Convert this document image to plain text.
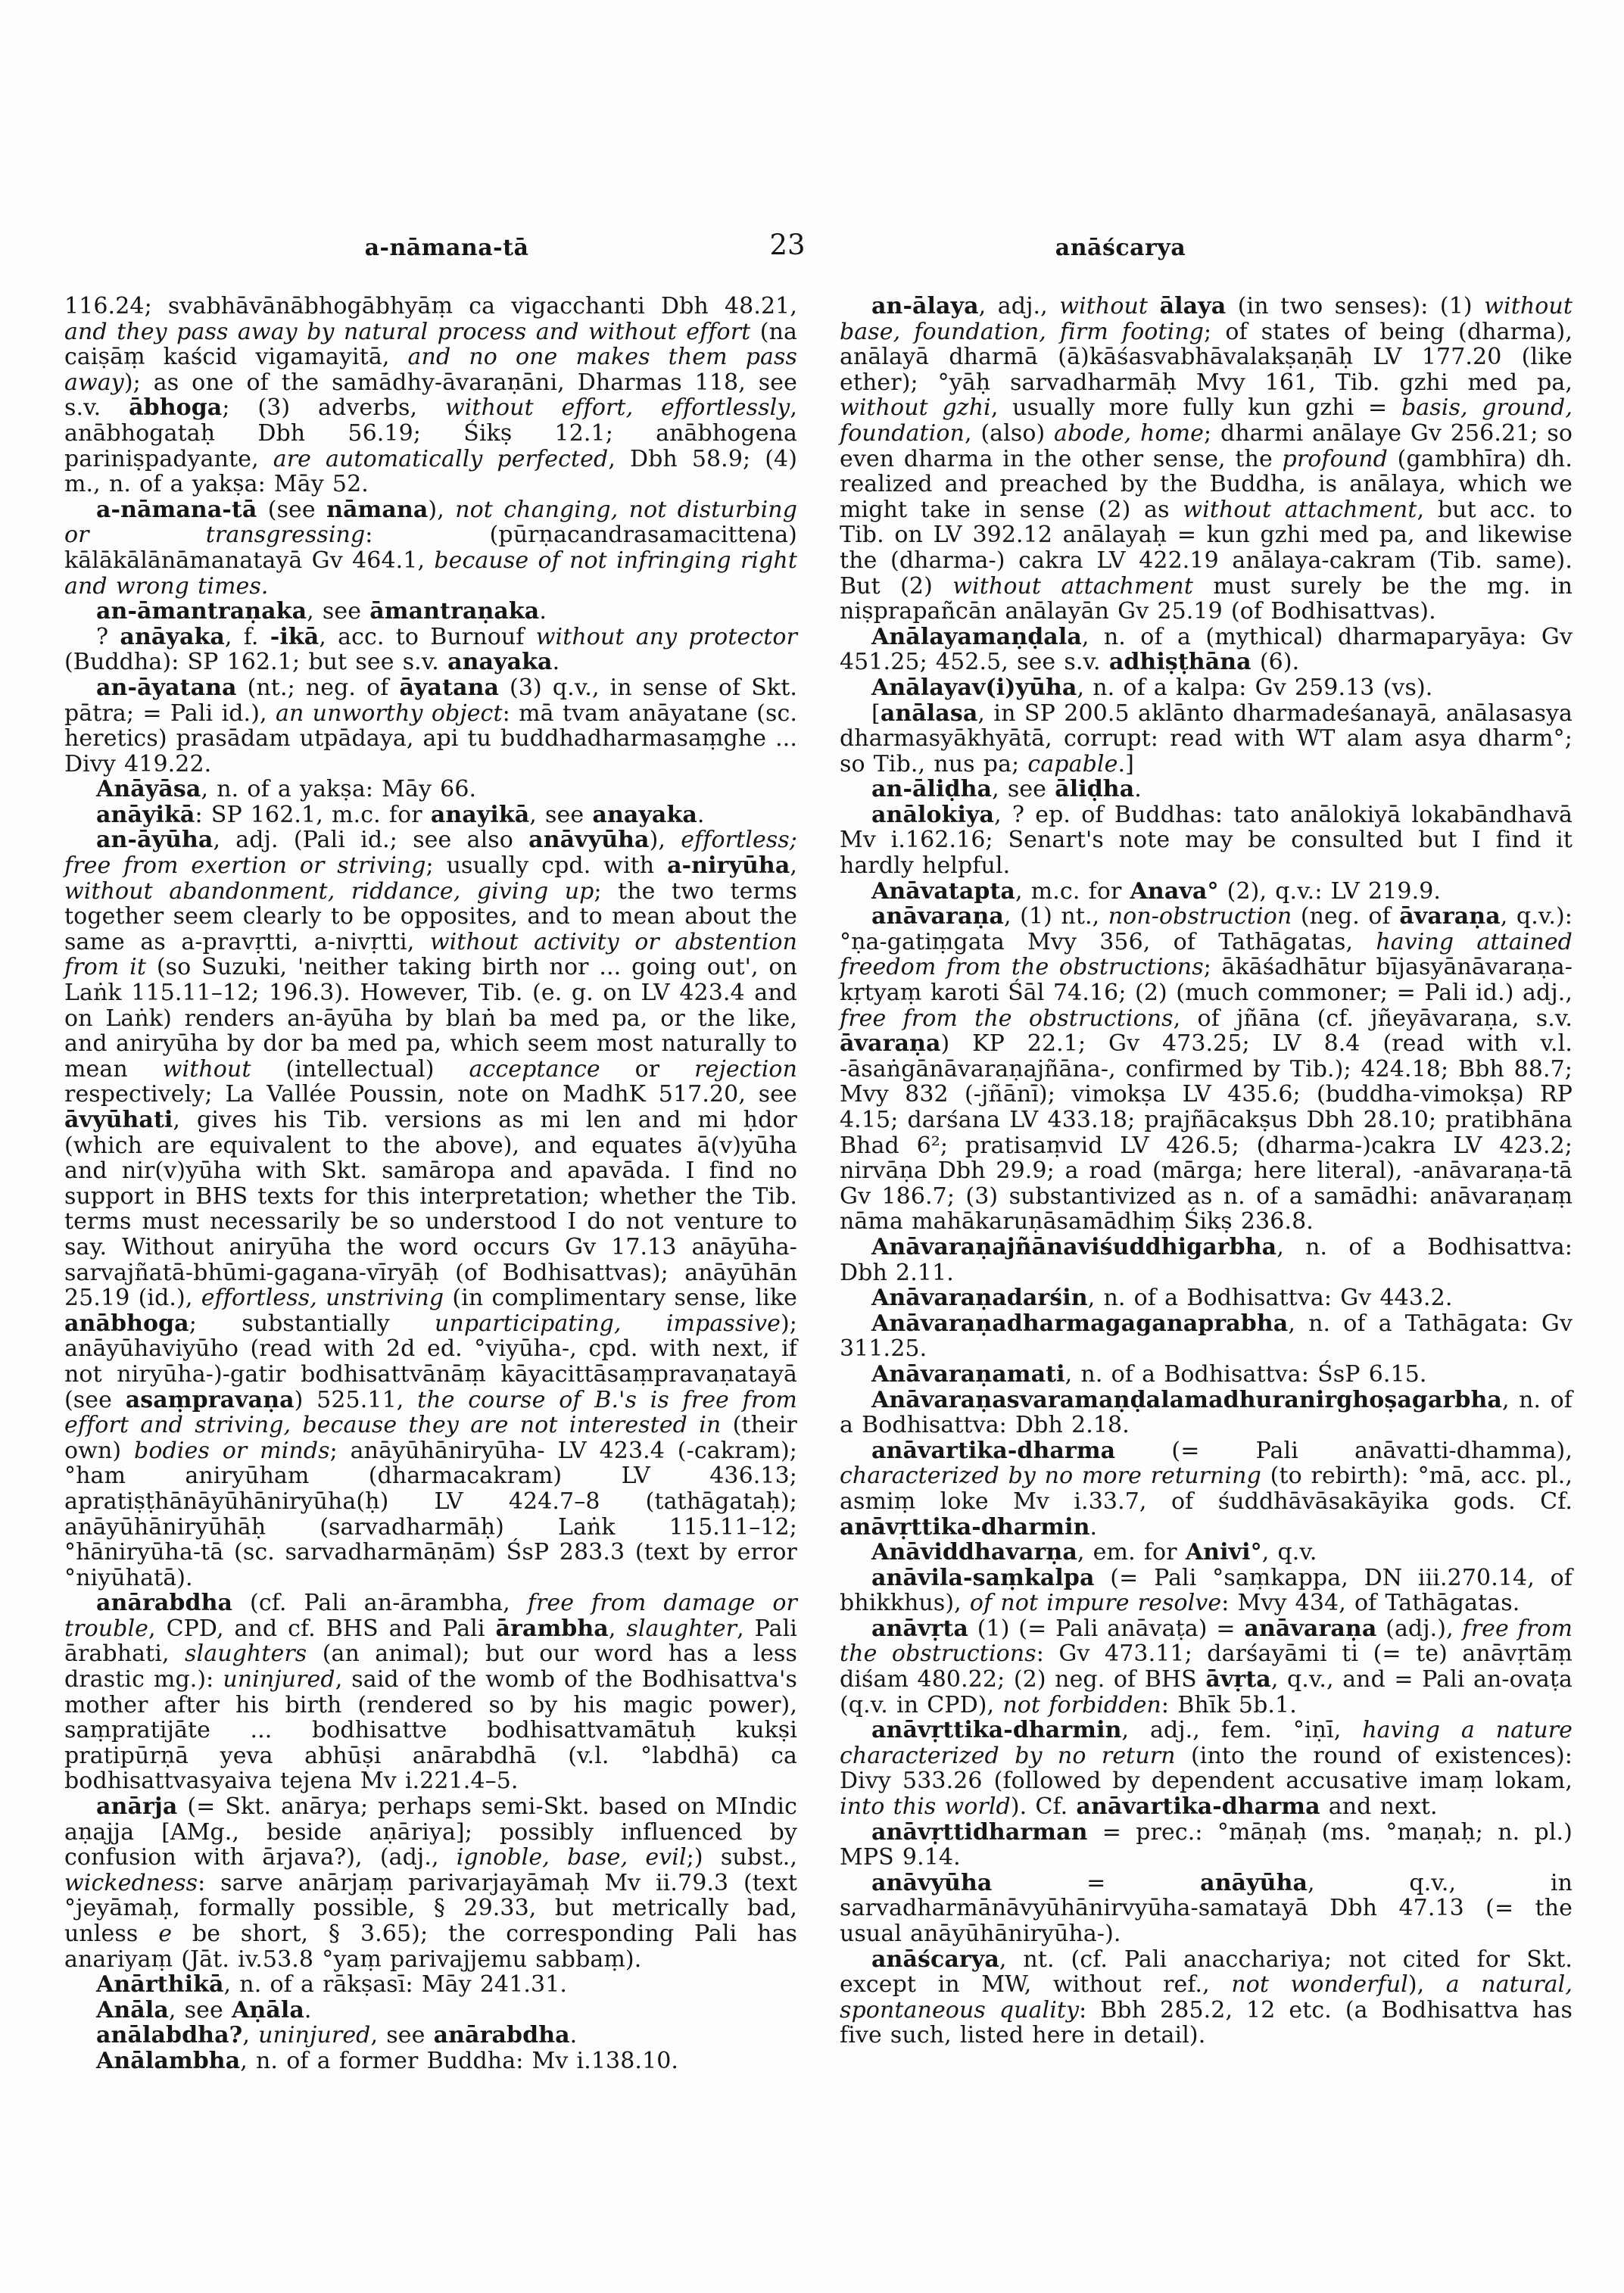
a-nāmana-tā	23	anāścarya

116.24; svabhāvānābhogābhyāṃ ca vigacchanti Dbh 48.21, and they pass away by natural process and without effort (na caiṣāṃ kaścid vigamayitā, and no one makes them pass away); as one of the samādhy-āvaraṇāni, Dharmas 118, see s.v. ābhoga; (3) adverbs, without effort, effortlessly, anābhogataḥ Dbh 56.19; Śikṣ 12.1; anābhogena pariniṣpadyante, are automatically perfected, Dbh 58.9; (4) m., n. of a yakṣa: Māy 52.

a-nāmana-tā (see nāmana), not changing, not disturbing or transgressing: (pūrṇacandrasamacittena) kālākālānāmanatayā Gv 464.1, because of not infringing right and wrong times.

an-āmantraṇaka, see āmantraṇaka.

? anāyaka, f. -ikā, acc. to Burnouf without any protector (Buddha): SP 162.1; but see s.v. anayaka.

an-āyatana (nt.; neg. of āyatana (3) q.v., in sense of Skt. pātra; = Pali id.), an unworthy object: mā tvam anāyatane (sc. heretics) prasādam utpādaya, api tu buddhadharmasaṃghe ... Divy 419.22.

Anāyāsa, n. of a yakṣa: Māy 66.

anāyikā: SP 162.1, m.c. for anayikā, see anayaka.

an-āyūha, adj. (Pali id.; see also anāvyūha), effortless; free from exertion or striving; usually cpd. with a-niryūha, without abandonment, riddance, giving up; the two terms together seem clearly to be opposites, and to mean about the same as a-pravṛtti, a-nivṛtti, without activity or abstention from it (so Suzuki, 'neither taking birth nor ... going out', on Laṅk 115.11–12; 196.3). However, Tib. (e. g. on LV 423.4 and on Laṅk) renders an-āyūha by blaṅ ba med pa, or the like, and aniryūha by dor ba med pa, which seem most naturally to mean without (intellectual) acceptance or rejection respectively; La Vallée Poussin, note on MadhK 517.20, see āvyūhati, gives his Tib. versions as mi len and mi ḥdor (which are equivalent to the above), and equates ā(v)yūha and nir(v)yūha with Skt. samāropa and apavāda. I find no support in BHS texts for this interpretation; whether the Tib. terms must necessarily be so understood I do not venture to say. Without aniryūha the word occurs Gv 17.13 anāyūha-sarvajñatā-bhūmi-gagana-vīryāḥ (of Bodhisattvas); anāyūhān 25.19 (id.), effortless, unstriving (in complimentary sense, like anābhoga; substantially unparticipating, impassive); anāyūhaviyūho (read with 2d ed. °viyūha-, cpd. with next, if not niryūha-)-gatir bodhisattvānāṃ kāyacittāsaṃpravaṇatayā (see asaṃpravaṇa) 525.11, the course of B.'s is free from effort and striving, because they are not interested in (their own) bodies or minds; anāyūhāniryūha- LV 423.4 (-cakram); °ham aniryūham (dharmacakram) LV 436.13; apratiṣṭhānāyūhāniryūha(ḥ) LV 424.7–8 (tathāgataḥ); anāyūhāniryūhāḥ (sarvadharmāḥ) Laṅk 115.11–12; °hāniryūha-tā (sc. sarvadharmāṇām) ŚsP 283.3 (text by error °niyūhatā).

anārabdha (cf. Pali an-ārambha, free from damage or trouble, CPD, and cf. BHS and Pali ārambha, slaughter, Pali ārabhati, slaughters (an animal); but our word has a less drastic mg.): uninjured, said of the womb of the Bodhisattva's mother after his birth (rendered so by his magic power), saṃpratijāte ... bodhisattve bodhisattvamātuḥ kukṣi pratipūrṇā yeva abhūṣi anārabdhā (v.l. °labdhā) ca bodhisattvasyaiva tejena Mv i.221.4–5.

anārja (= Skt. anārya; perhaps semi-Skt. based on MIndic aṇajja [AMg., beside aṇāriya]; possibly influenced by confusion with ārjava?), (adj., ignoble, base, evil;) subst., wickedness: sarve anārjaṃ parivarjayāmaḥ Mv ii.79.3 (text °jeyāmaḥ, formally possible, § 29.33, but metrically bad, unless e be short, § 3.65); the corresponding Pali has anariyaṃ (Jāt. iv.53.8 °yaṃ parivajjemu sabbaṃ).

Anārthikā, n. of a rākṣasī: Māy 241.31.

Anāla, see Aṇāla.

anālabdha?, uninjured, see anārabdha.

Anālambha, n. of a former Buddha: Mv i.138.10.

an-ālaya, adj., without ālaya (in two senses): (1) without base, foundation, firm footing; of states of being (dharma), anālayā dharmā (ā)kāśasvabhāvalakṣaṇāḥ LV 177.20 (like ether); °yāḥ sarvadharmāḥ Mvy 161, Tib. gzhi med pa, without gzhi, usually more fully kun gzhi = basis, ground, foundation, (also) abode, home; dharmi anālaye Gv 256.21; so even dharma in the other sense, the profound (gambhīra) dh. realized and preached by the Buddha, is anālaya, which we might take in sense (2) as without attachment, but acc. to Tib. on LV 392.12 anālayaḥ = kun gzhi med pa, and likewise the (dharma-) cakra LV 422.19 anālaya-cakram (Tib. same). But (2) without attachment must surely be the mg. in niṣprapañcān anālayān Gv 25.19 (of Bodhisattvas).

Anālayamaṇḍala, n. of a (mythical) dharmaparyāya: Gv 451.25; 452.5, see s.v. adhiṣṭhāna (6).

Anālayav(i)yūha, n. of a kalpa: Gv 259.13 (vs).

[anālasa, in SP 200.5 aklānto dharmadeśanayā, anālasasya dharmasyākhyātā, corrupt: read with WT alam asya dharm°; so Tib., nus pa; capable.]

an-āliḍha, see āliḍha.

anālokiya, ? ep. of Buddhas: tato anālokiyā lokabāndhavā Mv i.162.16; Senart's note may be consulted but I find it hardly helpful.

Anāvatapta, m.c. for Anava° (2), q.v.: LV 219.9.

anāvaraṇa, (1) nt., non-obstruction (neg. of āvaraṇa, q.v.): °ṇa-gatiṃgata Mvy 356, of Tathāgatas, having attained freedom from the obstructions; ākāśadhātur bījasyānāvaraṇa-kṛtyaṃ karoti Śāl 74.16; (2) (much commoner; = Pali id.) adj., free from the obstructions, of jñāna (cf. jñeyāvaraṇa, s.v. āvaraṇa) KP 22.1; Gv 473.25; LV 8.4 (read with v.l. -āsaṅgānāvaraṇajñāna-, confirmed by Tib.); 424.18; Bbh 88.7; Mvy 832 (-jñānī); vimokṣa LV 435.6; (buddha-vimokṣa) RP 4.15; darśana LV 433.18; prajñācakṣus Dbh 28.10; pratibhāna Bhad 6²; pratisaṃvid LV 426.5; (dharma-)cakra LV 423.2; nirvāṇa Dbh 29.9; a road (mārga; here literal), -anāvaraṇa-tā Gv 186.7; (3) substantivized as n. of a samādhi: anāvaraṇaṃ nāma mahākaruṇāsamādhiṃ Śikṣ 236.8.

Anāvaraṇajñānaviśuddhigarbha, n. of a Bodhisattva: Dbh 2.11.

Anāvaraṇadarśin, n. of a Bodhisattva: Gv 443.2.

Anāvaraṇadharmagaganaprabha, n. of a Tathāgata: Gv 311.25.

Anāvaraṇamati, n. of a Bodhisattva: ŚsP 6.15.

Anāvaraṇasvaramaṇḍalamadhuranirghoṣagarbha, n. of a Bodhisattva: Dbh 2.18.

anāvartika-dharma (= Pali anāvatti-dhamma), characterized by no more returning (to rebirth): °mā, acc. pl., asmiṃ loke Mv i.33.7, of śuddhāvāsakāyika gods. Cf. anāvṛttika-dharmin.

Anāviddhavarṇa, em. for Anivi°, q.v.

anāvila-saṃkalpa (= Pali °saṃkappa, DN iii.270.14, of bhikkhus), of not impure resolve: Mvy 434, of Tathāgatas.

anāvṛta (1) (= Pali anāvaṭa) = anāvaraṇa (adj.), free from the obstructions: Gv 473.11; darśayāmi ti (= te) anāvṛtāṃ diśam 480.22; (2) neg. of BHS āvṛta, q.v., and = Pali an-ovaṭa (q.v. in CPD), not forbidden: Bhīk 5b.1.

anāvṛttika-dharmin, adj., fem. °iṇī, having a nature characterized by no return (into the round of existences): Divy 533.26 (followed by dependent accusative imaṃ lokam, into this world). Cf. anāvartika-dharma and next.

anāvṛttidharman = prec.: °māṇaḥ (ms. °maṇaḥ; n. pl.) MPS 9.14.

anāvyūha = anāyūha, q.v., in sarvadharmānāvyūhānirvyūha-samatayā Dbh 47.13 (= the usual anāyūhāniryūha-).

anāścarya, nt. (cf. Pali anacchariya; not cited for Skt. except in MW, without ref., not wonderful), a natural, spontaneous quality: Bbh 285.2, 12 etc. (a Bodhisattva has five such, listed here in detail).
